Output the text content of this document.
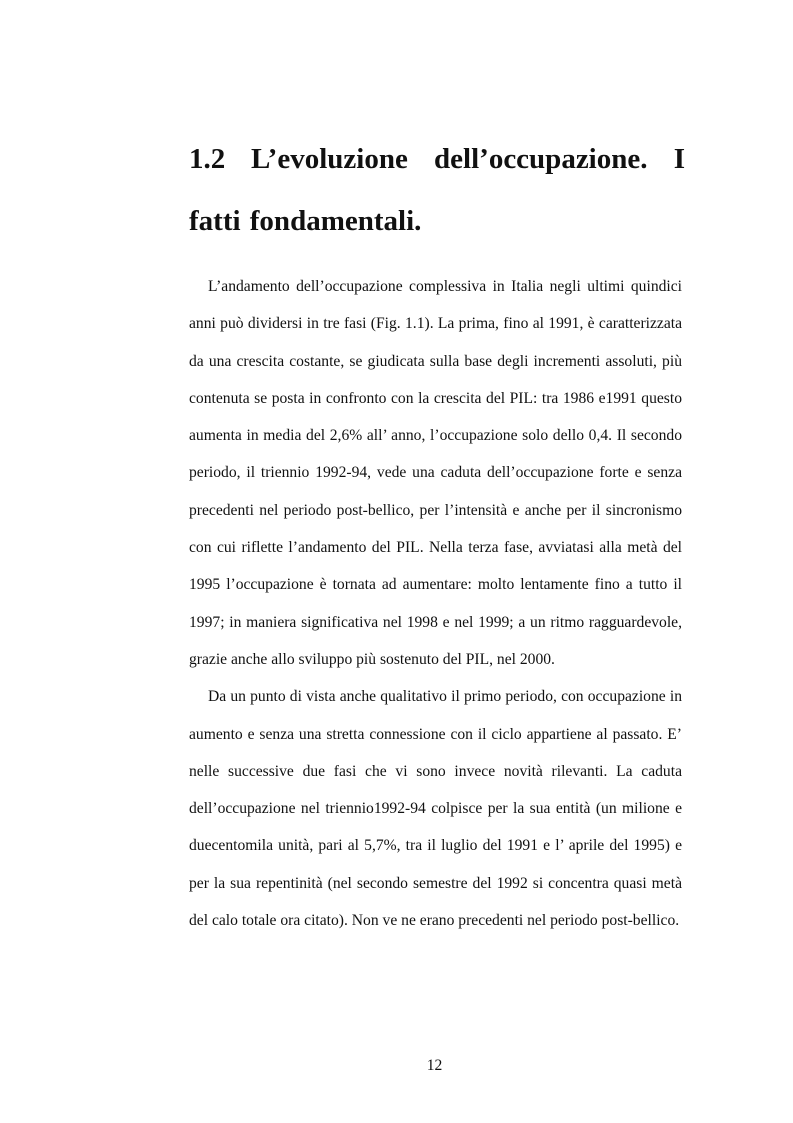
1.2 L’evoluzione dell’occupazione. I fatti fondamentali.

L’andamento dell’occupazione complessiva in Italia negli ultimi quindici anni può dividersi in tre fasi (Fig. 1.1). La prima, fino al 1991, è caratterizzata da una crescita costante, se giudicata sulla base degli incrementi assoluti, più contenuta se posta in confronto con la crescita del PIL: tra 1986 e1991 questo aumenta in media del 2,6% all’ anno, l’occupazione solo dello 0,4. Il secondo periodo, il triennio 1992-94, vede una caduta dell’occupazione forte e senza precedenti nel periodo post-bellico, per l’intensità e anche per il sincronismo con cui riflette l’andamento del PIL. Nella terza fase, avviatasi alla metà del 1995 l’occupazione è tornata ad aumentare: molto lentamente fino a tutto il 1997; in maniera significativa nel 1998 e nel 1999; a un ritmo ragguardevole, grazie anche allo sviluppo più sostenuto del PIL, nel 2000.

Da un punto di vista anche qualitativo il primo periodo, con occupazione in aumento e senza una stretta connessione con il ciclo appartiene al passato. E’ nelle successive due fasi che vi sono invece novità rilevanti. La caduta dell’occupazione nel triennio1992-94 colpisce per la sua entità (un milione e duecentomila unità, pari al 5,7%, tra il luglio del 1991 e l’ aprile del 1995) e per la sua repentinità (nel secondo semestre del 1992 si concentra quasi metà del calo totale ora citato). Non ve ne erano precedenti nel periodo post-bellico.

12
